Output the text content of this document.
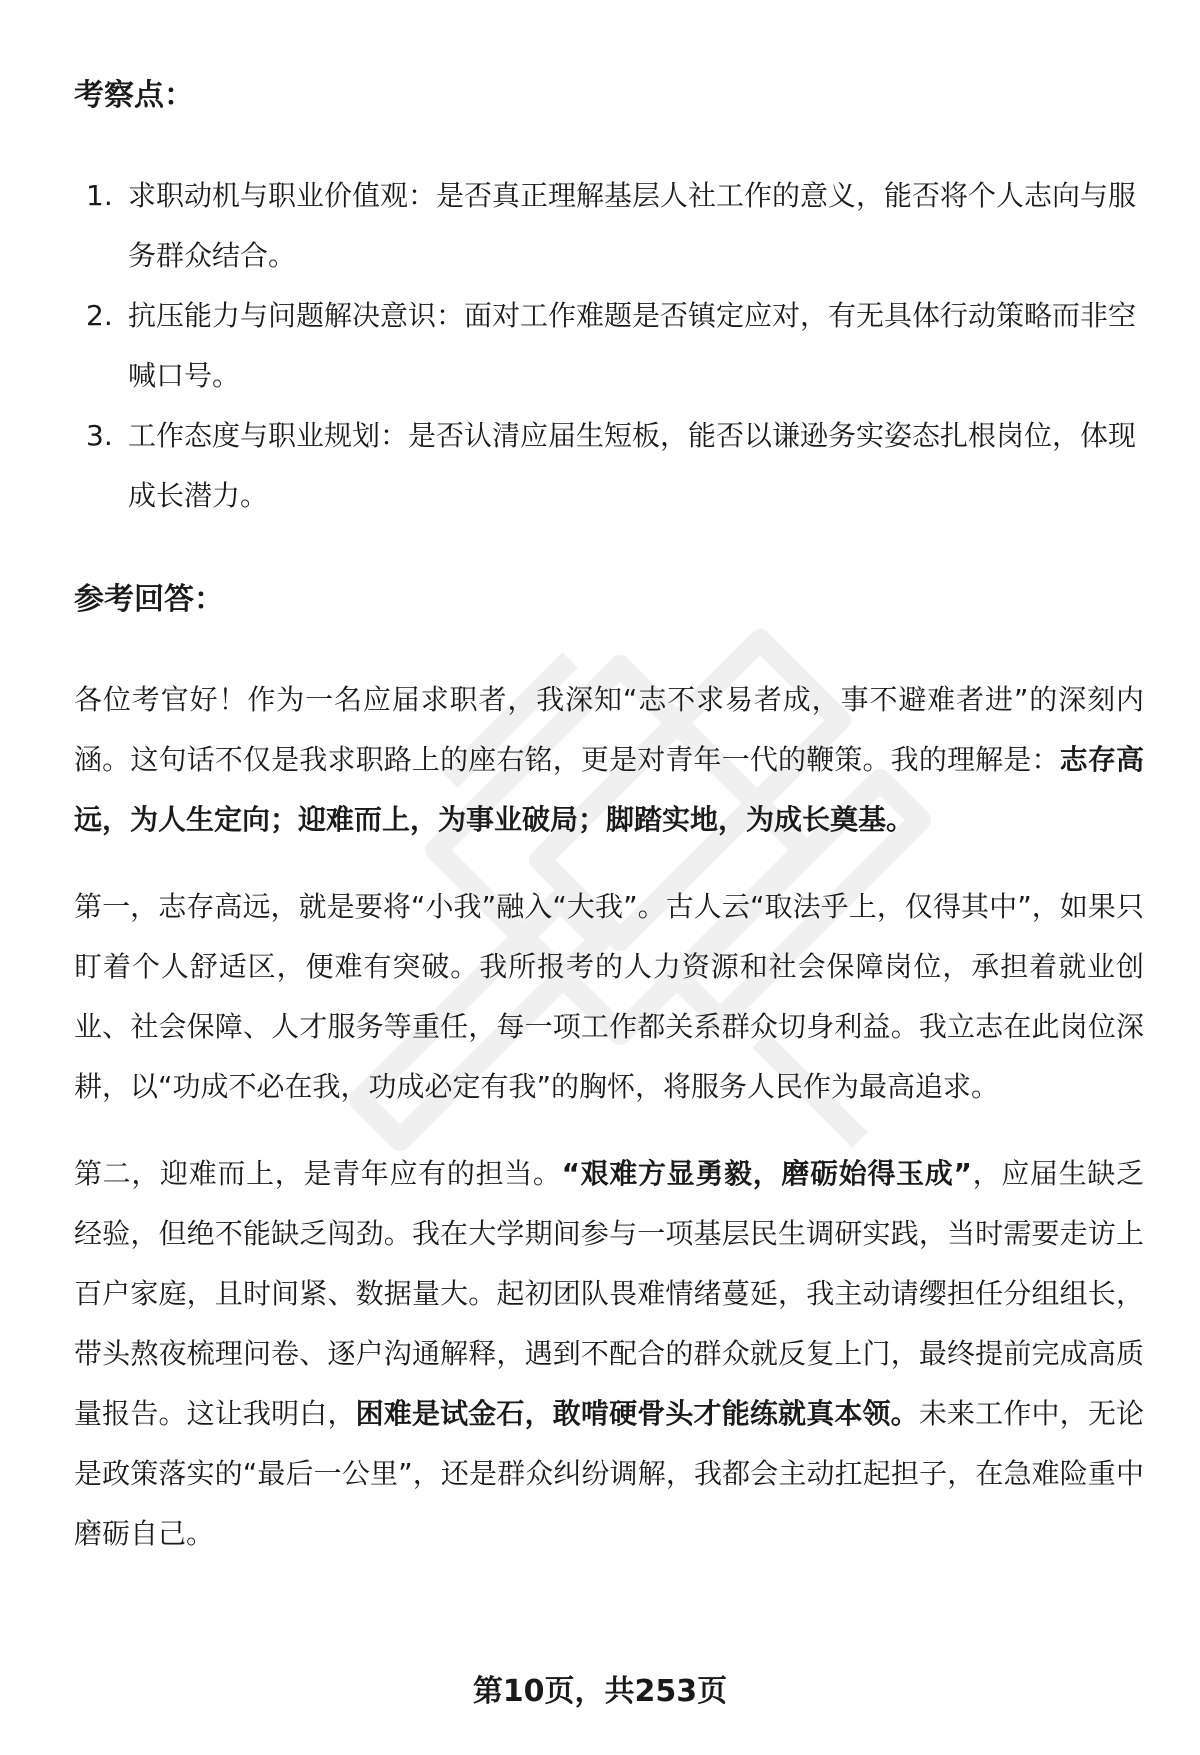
考察点：
1. 求职动机与职业价值观：是否真正理解基层人社工作的意义，能否将个人志向与服务群众结合。
2. 抗压能力与问题解决意识：面对工作难题是否镇定应对，有无具体行动策略而非空喊口号。
3. 工作态度与职业规划：是否认清应届生短板，能否以谦逊务实姿态扎根岗位，体现成长潜力。
参考回答：

各位考官好！作为一名应届求职者，我深知“志不求易者成，事不避难者进”的深刻内涵。这句话不仅是我求职路上的座右铭，更是对青年一代的鞭策。我的理解是：志存高远，为人生定向；迎难而上，为事业破局；脚踏实地，为成长奠基。

第一，志存高远，就是要将“小我”融入“大我”。古人云“取法乎上，仅得其中”，如果只盯着个人舒适区，便难有突破。我所报考的人力资源和社会保障岗位，承担着就业创业、社会保障、人才服务等重任，每一项工作都关系群众切身利益。我立志在此岗位深耕，以“功成不必在我，功成必定有我”的胸怀，将服务人民作为最高追求。

第二，迎难而上，是青年应有的担当。“艰难方显勇毅，磨砺始得玉成”，应届生缺乏经验，但绝不能缺乏闯劲。我在大学期间参与一项基层民生调研实践，当时需要走访上百户家庭，且时间紧、数据量大。起初团队畏难情绪蔓延，我主动请缨担任分组组长，带头熬夜梳理问卷、逐户沟通解释，遇到不配合的群众就反复上门，最终提前完成高质量报告。这让我明白，困难是试金石，敢啃硬骨头才能练就真本领。未来工作中，无论是政策落实的“最后一公里”，还是群众纠纷调解，我都会主动扛起担子，在急难险重中磨砺自己。

第10页，共253页
